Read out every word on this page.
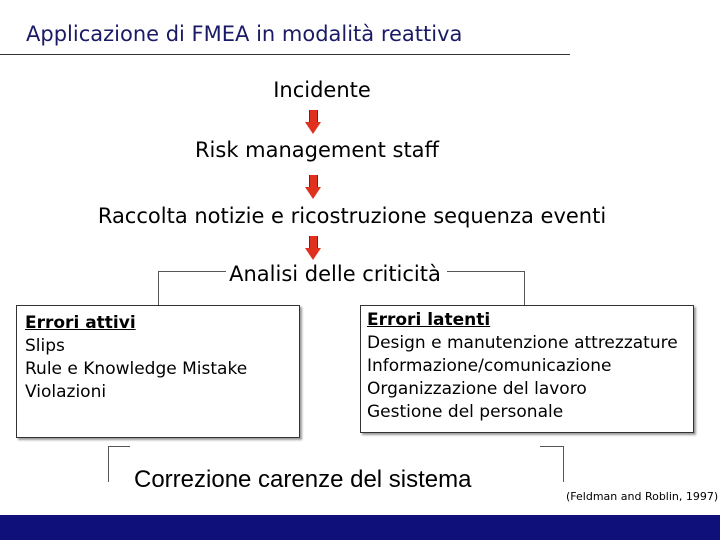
Applicazione di FMEA in modalità reattiva
Incidente
Risk management staff
Raccolta notizie e ricostruzione sequenza eventi
Analisi delle criticità
Errori attivi
Slips
Rule e Knowledge Mistake
Violazioni
Errori latenti
Design e manutenzione attrezzature
Informazione/comunicazione
Organizzazione del lavoro
Gestione del personale
Correzione carenze del sistema
(Feldman and Roblin, 1997)
